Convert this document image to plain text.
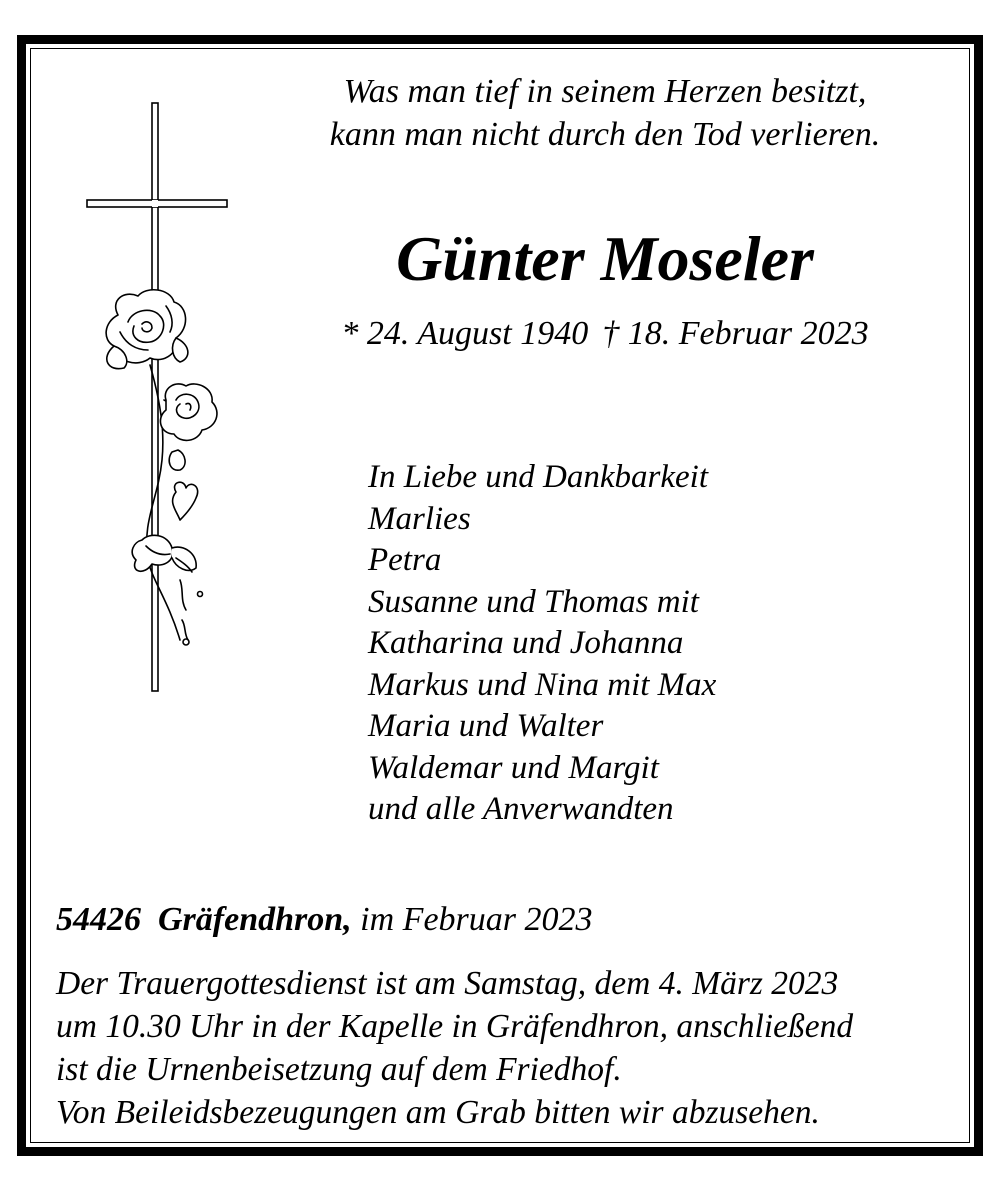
Was man tief in seinem Herzen besitzt,
kann man nicht durch den Tod verlieren.
Günter Moseler
* 24. August 1940 † 18. Februar 2023
In Liebe und Dankbarkeit
Marlies
Petra
Susanne und Thomas mit
Katharina und Johanna
Markus und Nina mit Max
Maria und Walter
Waldemar und Margit
und alle Anverwandten
54426 Gräfendhron, im Februar 2023
Der Trauergottesdienst ist am Samstag, dem 4. März 2023
um 10.30 Uhr in der Kapelle in Gräfendhron, anschließend
ist die Urnenbeisetzung auf dem Friedhof.
Von Beileidsbezeugungen am Grab bitten wir abzusehen.
